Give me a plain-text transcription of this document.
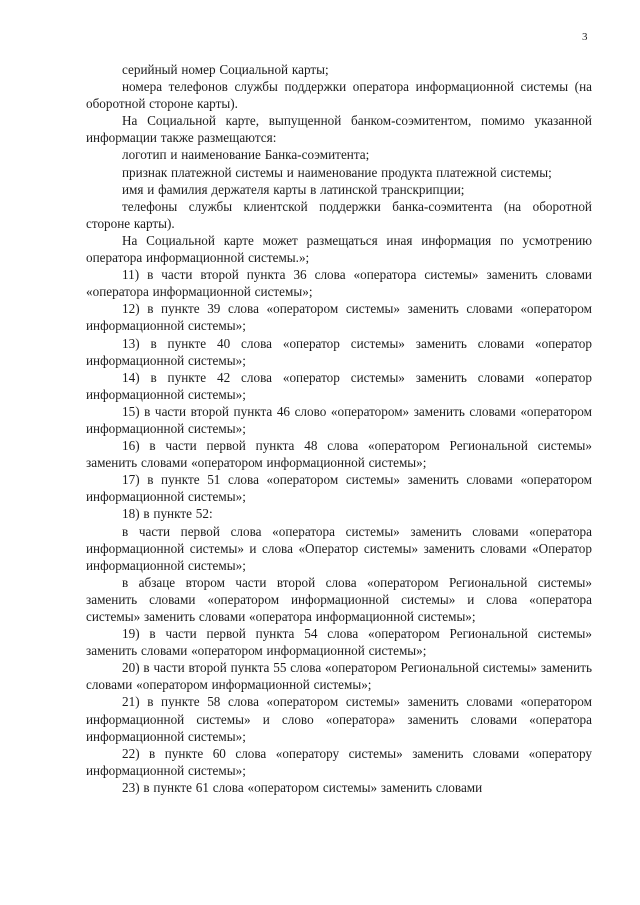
3

серийный номер Социальной карты;

номера телефонов службы поддержки оператора информационной системы (на оборотной стороне карты).

На Социальной карте, выпущенной банком-соэмитентом, помимо указанной информации также размещаются:

логотип и наименование Банка-соэмитента;

признак платежной системы и наименование продукта платежной системы;

имя и фамилия держателя карты в латинской транскрипции;

телефоны службы клиентской поддержки банка-соэмитента (на оборотной стороне карты).

На Социальной карте может размещаться иная информация по усмотрению оператора информационной системы.»;

11) в части второй пункта 36 слова «оператора системы» заменить словами «оператора информационной системы»;

12) в пункте 39 слова «оператором системы» заменить словами «оператором информационной системы»;

13) в пункте 40 слова «оператор системы» заменить словами «оператор информационной системы»;

14) в пункте 42 слова «оператор системы» заменить словами «оператор информационной системы»;

15) в части второй пункта 46 слово «оператором» заменить словами «оператором информационной системы»;

16) в части первой пункта 48 слова «оператором Региональной системы» заменить словами «оператором информационной системы»;

17) в пункте 51 слова «оператором системы» заменить словами «оператором информационной системы»;

18) в пункте 52:

в части первой слова «оператора системы» заменить словами «оператора информационной системы» и слова «Оператор системы» заменить словами «Оператор информационной системы»;

в абзаце втором части второй слова «оператором Региональной системы» заменить словами «оператором информационной системы» и слова «оператора системы» заменить словами «оператора информационной системы»;

19) в части первой пункта 54 слова «оператором Региональной системы» заменить словами «оператором информационной системы»;

20) в части второй пункта 55 слова «оператором Региональной системы» заменить словами «оператором информационной системы»;

21) в пункте 58 слова «оператором системы» заменить словами «оператором информационной системы» и слово «оператора» заменить словами «оператора информационной системы»;

22) в пункте 60 слова «оператору системы» заменить словами «оператору информационной системы»;

23) в пункте 61 слова «оператором системы» заменить словами
